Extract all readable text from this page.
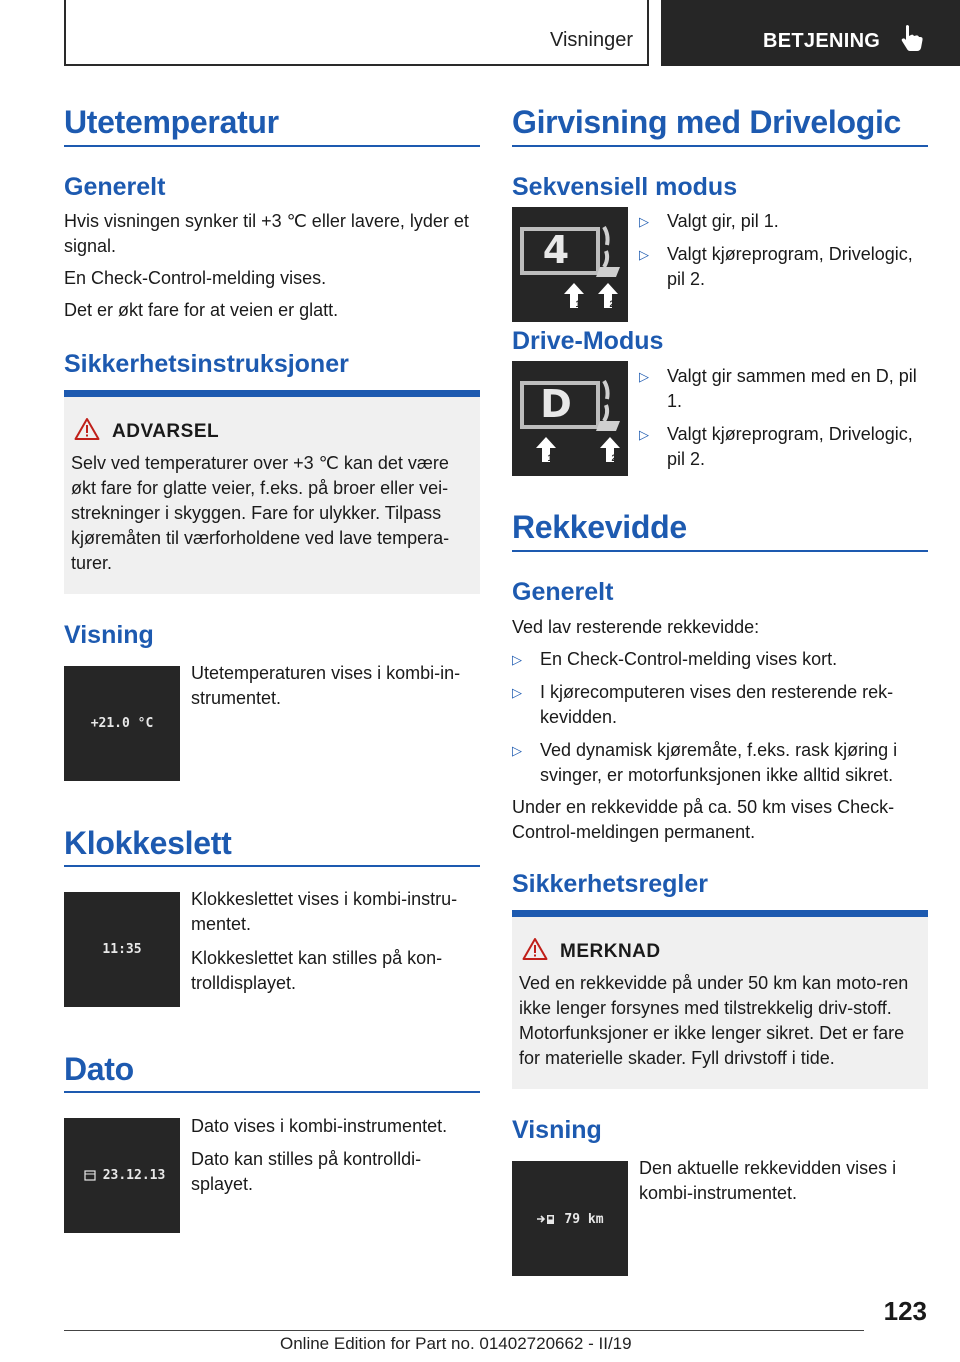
Visninger	BETJENING
Utetemperatur
Generelt
Hvis visningen synker til +3 ℃ eller lavere, lyder et signal.
En Check-Control-melding vises.
Det er økt fare for at veien er glatt.
Sikkerhetsinstruksjoner
ADVARSEL
Selv ved temperaturer over +3 ℃ kan det være økt fare for glatte veier, f.eks. på broer eller vei‐strekninger i skyggen. Fare for ulykker. Tilpass kjøremåten til værforholdene ved lave tempera‐turer.
Visning
+21.0 °C
Utetemperaturen vises i kombi-in‐strumentet.
Klokkeslett
11:35
Klokkeslettet vises i kombi-instru‐mentet.
Klokkeslettet kan stilles på kon‐trolldisplayet.
Dato
23.12.13
Dato vises i kombi-instrumentet.
Dato kan stilles på kontrolldi‐splayet.
Girvisning med Drivelogic
Sekvensiell modus
4
1	2
▷	Valgt gir, pil 1.
▷	Valgt kjøreprogram, Drivelogic, pil 2.
Drive-Modus
D
1	2
▷	Valgt gir sammen med en D, pil 1.
▷	Valgt kjøreprogram, Drivelogic, pil 2.
Rekkevidde
Generelt
Ved lav resterende rekkevidde:
▷	En Check-Control-melding vises kort.
▷	I kjørecomputeren vises den resterende rek‐kevidden.
▷	Ved dynamisk kjøremåte, f.eks. rask kjøring i svinger, er motorfunksjonen ikke alltid sikret.
Under en rekkevidde på ca. 50 km vises Check-Control-meldingen permanent.
Sikkerhetsregler
MERKNAD
Ved en rekkevidde på under 50 km kan moto‐ren ikke lenger forsynes med tilstrekkelig driv‐stoff. Motorfunksjoner er ikke lenger sikret. Det er fare for materielle skader. Fyll drivstoff i tide.
Visning
79 km
Den aktuelle rekkevidden vises i kombi-instrumentet.
123
Online Edition for Part no. 01402720662 - II/19
